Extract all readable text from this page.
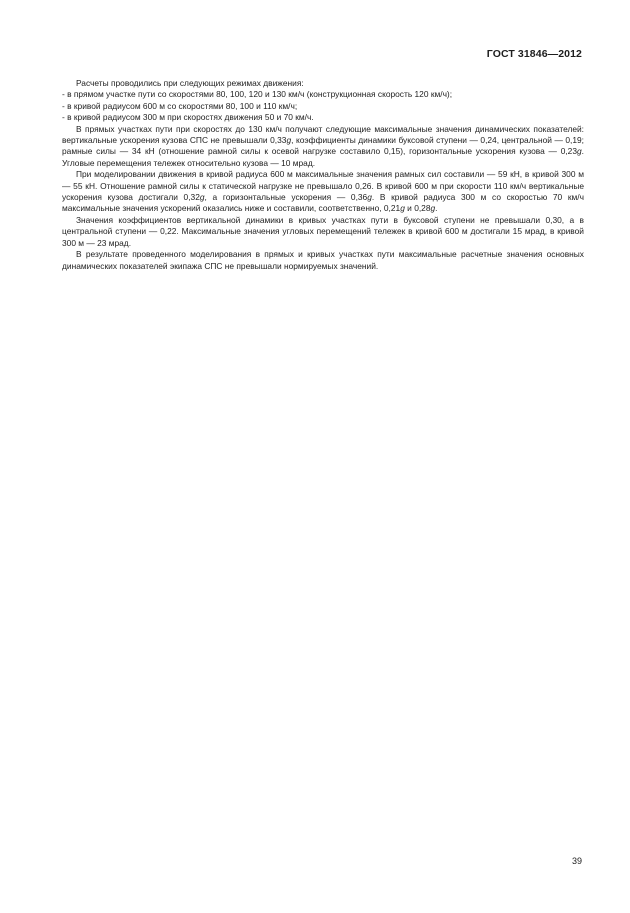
ГОСТ 31846—2012

Расчеты проводились при следующих режимах движения:

- в прямом участке пути со скоростями 80, 100, 120 и 130 км/ч (конструкционная скорость 120 км/ч);

- в кривой радиусом 600 м со скоростями 80, 100 и 110 км/ч;

- в кривой радиусом 300 м при скоростях движения 50 и 70 км/ч.

В прямых участках пути при скоростях до 130 км/ч получают следующие максимальные значения динамических показателей: вертикальные ускорения кузова СПС не превышали 0,33g, коэффициенты динамики буксовой ступени — 0,24, центральной — 0,19; рамные силы — 34 кН (отношение рамной силы к осевой нагрузке составило 0,15), горизонтальные ускорения кузова — 0,23g. Угловые перемещения тележек относительно кузова — 10 мрад.

При моделировании движения в кривой радиуса 600 м максимальные значения рамных сил составили — 59 кН, в кривой 300 м — 55 кН. Отношение рамной силы к статической нагрузке не превышало 0,26. В кривой 600 м при скорости 110 км/ч вертикальные ускорения кузова достигали 0,32g, а горизонтальные ускорения — 0,36g. В кривой радиуса 300 м со скоростью 70 км/ч максимальные значения ускорений оказались ниже и составили, соответственно, 0,21g и 0,28g.

Значения коэффициентов вертикальной динамики в кривых участках пути в буксовой ступени не превышали 0,30, а в центральной ступени — 0,22. Максимальные значения угловых перемещений тележек в кривой 600 м достигали 15 мрад, в кривой 300 м — 23 мрад.

В результате проведенного моделирования в прямых и кривых участках пути максимальные расчетные значения основных динамических показателей экипажа СПС не превышали нормируемых значений.

39
